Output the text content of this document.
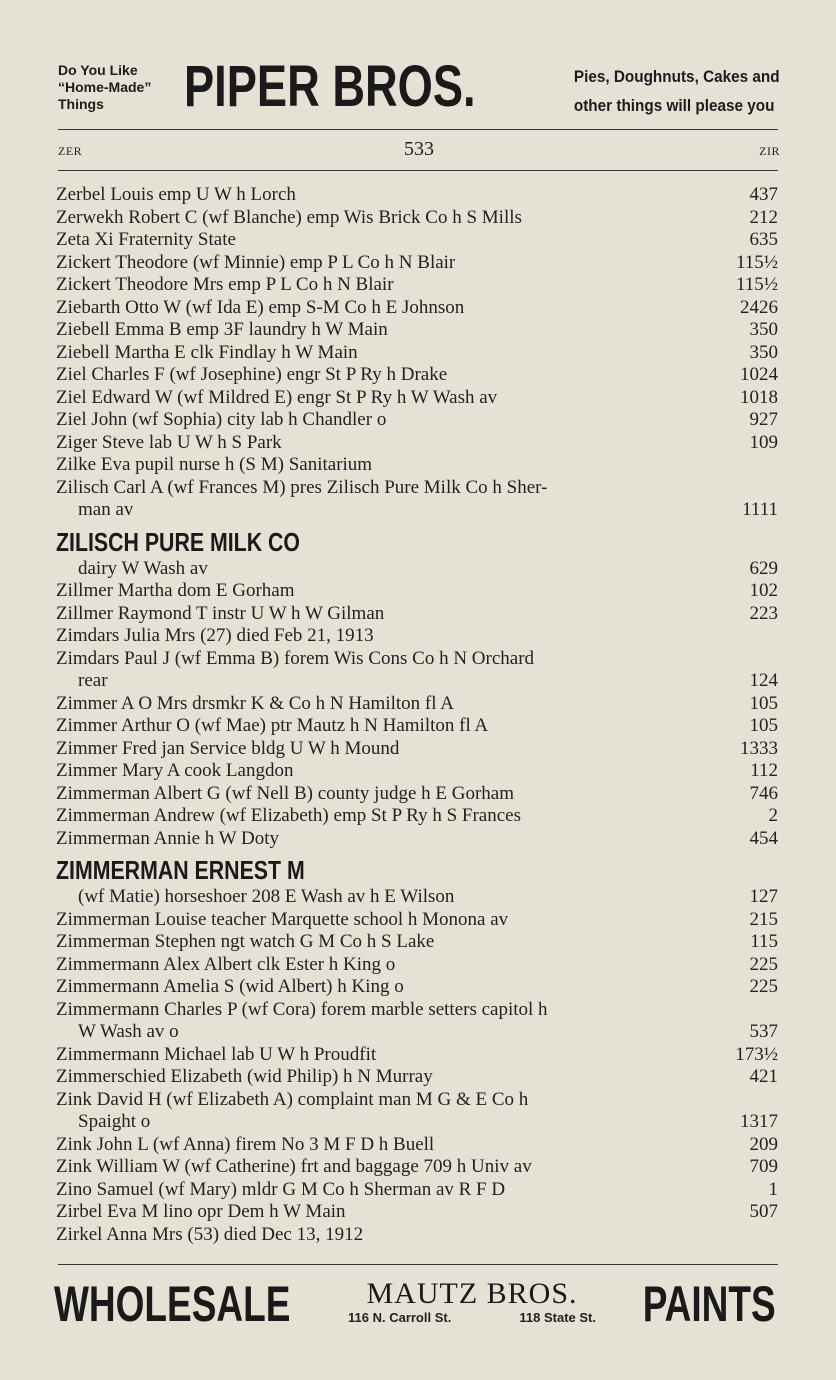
Do You Like
“Home-Made”
Things	PIPER BROS.	Pies, Doughnuts, Cakes and
other things will please you
ZER	533	ZIR
Zerbel Louis emp U W h Lorch	437
Zerwekh Robert C (wf Blanche) emp Wis Brick Co h S Mills	212
Zeta Xi Fraternity State	635
Zickert Theodore (wf Minnie) emp P L Co h N Blair	115½
Zickert Theodore Mrs emp P L Co h N Blair	115½
Ziebarth Otto W (wf Ida E) emp S-M Co h E Johnson	2426
Ziebell Emma B emp 3F laundry h W Main	350
Ziebell Martha E clk Findlay h W Main	350
Ziel Charles F (wf Josephine) engr St P Ry h Drake	1024
Ziel Edward W (wf Mildred E) engr St P Ry h W Wash av	1018
Ziel John (wf Sophia) city lab h Chandler o	927
Ziger Steve lab U W h S Park	109
Zilke Eva pupil nurse h (S M) Sanitarium
Zilisch Carl A (wf Frances M) pres Zilisch Pure Milk Co h Sher-
man av	1111
ZILISCH PURE MILK CO
dairy W Wash av	629
Zillmer Martha dom E Gorham	102
Zillmer Raymond T instr U W h W Gilman	223
Zimdars Julia Mrs (27) died Feb 21, 1913
Zimdars Paul J (wf Emma B) forem Wis Cons Co h N Orchard
rear	124
Zimmer A O Mrs drsmkr K & Co h N Hamilton fl A	105
Zimmer Arthur O (wf Mae) ptr Mautz h N Hamilton fl A	105
Zimmer Fred jan Service bldg U W h Mound	1333
Zimmer Mary A cook Langdon	112
Zimmerman Albert G (wf Nell B) county judge h E Gorham	746
Zimmerman Andrew (wf Elizabeth) emp St P Ry h S Frances	2
Zimmerman Annie h W Doty	454
ZIMMERMAN ERNEST M
(wf Matie) horseshoer 208 E Wash av h E Wilson	127
Zimmerman Louise teacher Marquette school h Monona av	215
Zimmerman Stephen ngt watch G M Co h S Lake	115
Zimmermann Alex Albert clk Ester h King o	225
Zimmermann Amelia S (wid Albert) h King o	225
Zimmermann Charles P (wf Cora) forem marble setters capitol h
W Wash av o	537
Zimmermann Michael lab U W h Proudfit	173½
Zimmerschied Elizabeth (wid Philip) h N Murray	421
Zink David H (wf Elizabeth A) complaint man M G & E Co h
Spaight o	1317
Zink John L (wf Anna) firem No 3 M F D h Buell	209
Zink William W (wf Catherine) frt and baggage 709 h Univ av	709
Zino Samuel (wf Mary) mldr G M Co h Sherman av R F D	1
Zirbel Eva M lino opr Dem h W Main	507
Zirkel Anna Mrs (53) died Dec 13, 1912
WHOLESALE	MAUTZ BROS.
116 N. Carroll St.	118 State St. PAINTS
